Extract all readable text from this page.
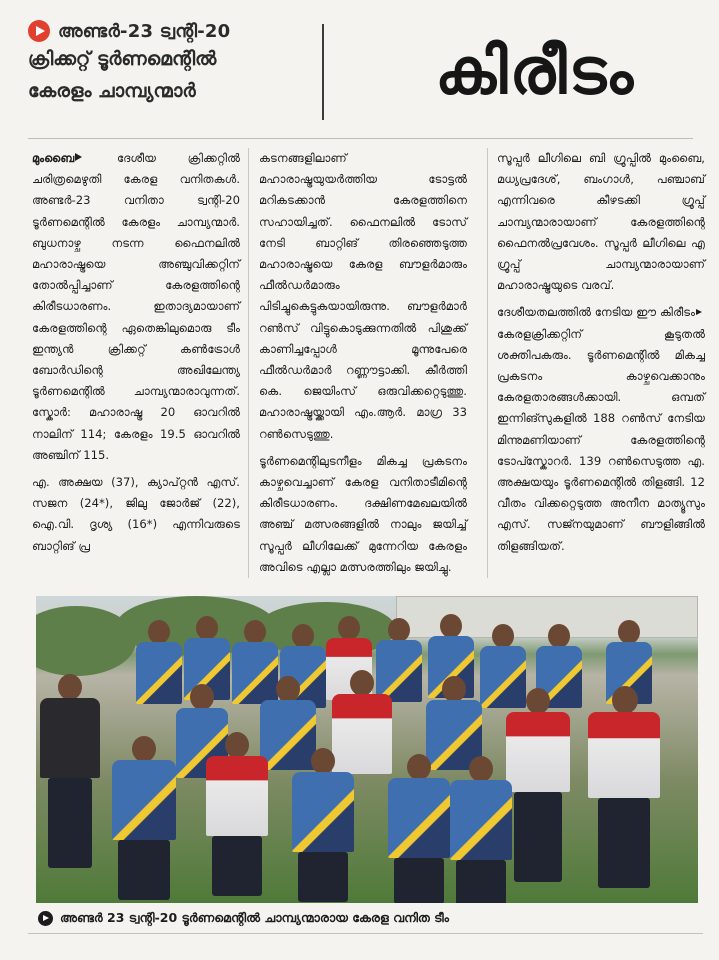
അണ്ടർ-23 ട്വന്റി-20
ക്രിക്കറ്റ് ടൂർണമെന്റിൽ
കേരളം ചാമ്പ്യന്മാർ	കിരീടം

മുംബൈ	ദേശീയ ക്രിക്കറ്റിൽ ചരിത്രമെഴുതി കേരള വനിതകൾ. അണ്ടർ-23 വനിതാ ട്വന്റി-20 ടൂർണമെന്റിൽ കേരളം ചാമ്പ്യന്മാർ. ബുധനാഴ്ച നടന്ന ഫൈനലിൽ മഹാരാഷ്ട്രയെ അഞ്ചുവിക്കറ്റിന് തോൽപ്പിച്ചാണ് കേരളത്തിന്റെ കിരീടധാരണം. ഇതാദ്യമായാണ് കേരളത്തിന്റെ ഏതെങ്കിലുമൊരു ടീം ഇന്ത്യൻ ക്രിക്കറ്റ് കൺട്രോൾ ബോർഡിന്റെ അഖിലേന്ത്യ ടൂർണമെന്റിൽ ചാമ്പ്യന്മാരാവുന്നത്. സ്കോർ: മഹാരാഷ്ട്ര 20 ഓവറിൽ നാലിന് 114; കേരളം 19.5 ഓവറിൽ അഞ്ചിന് 115.

എ. അക്ഷയ (37), ക്യാപ്റ്റൻ എസ്. സജന (24*), ജിലു ജോർജ് (22), ഐ.വി. ദൃശ്യ (16*) എന്നിവരുടെ ബാറ്റിങ് പ്ര

കടനങ്ങളിലാണ് മഹാരാഷ്ട്രയുയർത്തിയ ടോട്ടൽ മറികടക്കാൻ കേരളത്തിനെ സഹായിച്ചത്. ഫൈനലിൽ ടോസ് നേടി ബാറ്റിങ് തിരഞ്ഞെടുത്ത മഹാരാഷ്ട്രയെ കേരള ബൗളർമാരും ഫീൽഡർമാരും പിടിച്ചുകെട്ടുകയായിരുന്നു. ബൗളർമാർ റൺസ് വിട്ടുകൊടുക്കുന്നതിൽ പിശുക്ക് കാണിച്ചപ്പോൾ മൂന്നുപേരെ ഫീൽഡർമാർ റണ്ണൗട്ടാക്കി. കീർത്തി കെ. ജെയിംസ് ഒരുവിക്കറ്റെടുത്തു. മഹാരാഷ്ട്രയ്ക്കായി എം.ആർ. മാഗ്ര 33 റൺസെടുത്തു.

ടൂർണമെന്റിലുടനീളം മികച്ച പ്രകടനം കാഴ്ചവെച്ചാണ് കേരള വനിതാടീമിന്റെ കിരീടധാരണം. ദക്ഷിണമേഖലയിൽ അഞ്ച് മത്സരങ്ങളിൽ നാലും ജയിച്ച് സൂപ്പർ ലീഗിലേക്ക് മുന്നേറിയ കേരളം അവിടെ എല്ലാ മത്സരത്തിലും ജയിച്ചു.

സൂപ്പർ ലീഗിലെ ബി ഗ്രൂപ്പിൽ മുംബൈ, മധ്യപ്രദേശ്, ബംഗാൾ, പഞ്ചാബ് എന്നിവരെ കീഴടക്കി ഗ്രൂപ്പ് ചാമ്പ്യന്മാരായാണ് കേരളത്തിന്റെ ഫൈനൽപ്രവേശം. സൂപ്പർ ലീഗിലെ എ ഗ്രൂപ്പ് ചാമ്പ്യന്മാരായാണ് മഹാരാഷ്ട്രയുടെ വരവ്.

ദേശീയതലത്തിൽ നേടിയ ഈ കിരീടം കേരളക്രിക്കറ്റിന് കൂടുതൽ ശക്തിപകരും. ടൂർണമെന്റിൽ മികച്ച പ്രകടനം കാഴ്ചവെക്കാനും കേരളതാരങ്ങൾക്കായി. ഒമ്പത് ഇന്നിങ്സുകളിൽ 188 റൺസ് നേടിയ മിന്നുമണിയാണ് കേരളത്തിന്റെ ടോപ്സ്കോറർ. 139 റൺസെടുത്ത എ. അക്ഷയയും ടൂർണമെന്റിൽ തിളങ്ങി. 12 വീതം വിക്കറ്റെടുത്ത അനീന മാത്യൂസും എസ്. സജ്നയുമാണ് ബൗളിങ്ങിൽ തിളങ്ങിയത്.

അണ്ടർ 23 ട്വന്റി-20 ടൂർണമെന്റിൽ ചാമ്പ്യന്മാരായ കേരള വനിത ടീം
